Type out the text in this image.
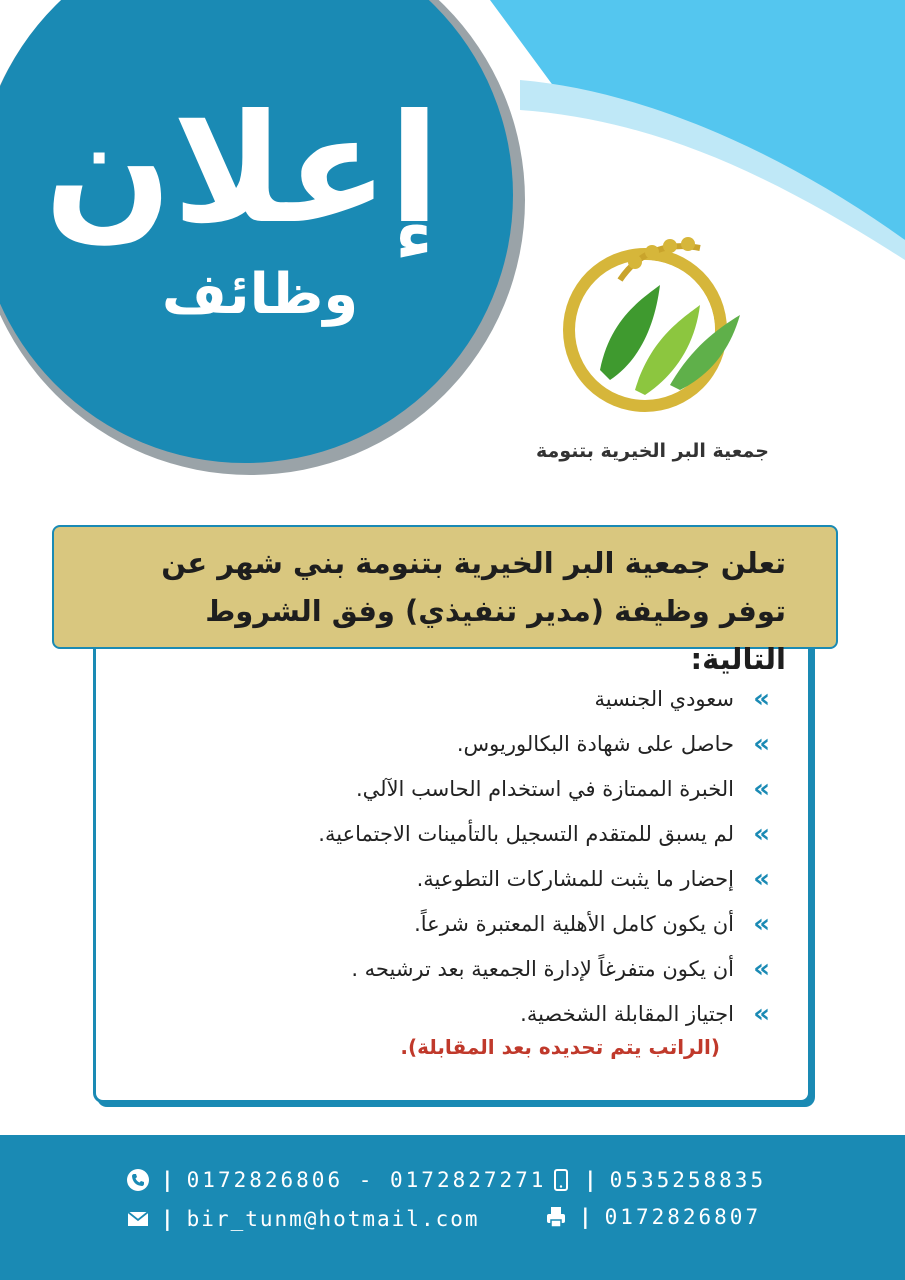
إعلان
وظائف
جمعية البر الخيرية بتنومة
تعلن جمعية البر الخيرية بتنومة بني شهر عن توفر وظيفة (مدير تنفيذي) وفق الشروط التالية:
»
سعودي الجنسية
»
حاصل على شهادة البكالوريوس.
»
الخبرة الممتازة في استخدام الحاسب الآلي.
»
لم يسبق للمتقدم التسجيل بالتأمينات الاجتماعية.
»
إحضار ما يثبت للمشاركات التطوعية.
»
أن يكون كامل الأهلية المعتبرة شرعاً.
»
أن يكون متفرغاً لإدارة الجمعية بعد ترشيحه .
»
اجتياز المقابلة الشخصية.
(الراتب يتم تحديده بعد المقابلة).
| 0172826806 - 0172827271 | 0535258835
| bir_tunm@hotmail.com	| 0172826807
